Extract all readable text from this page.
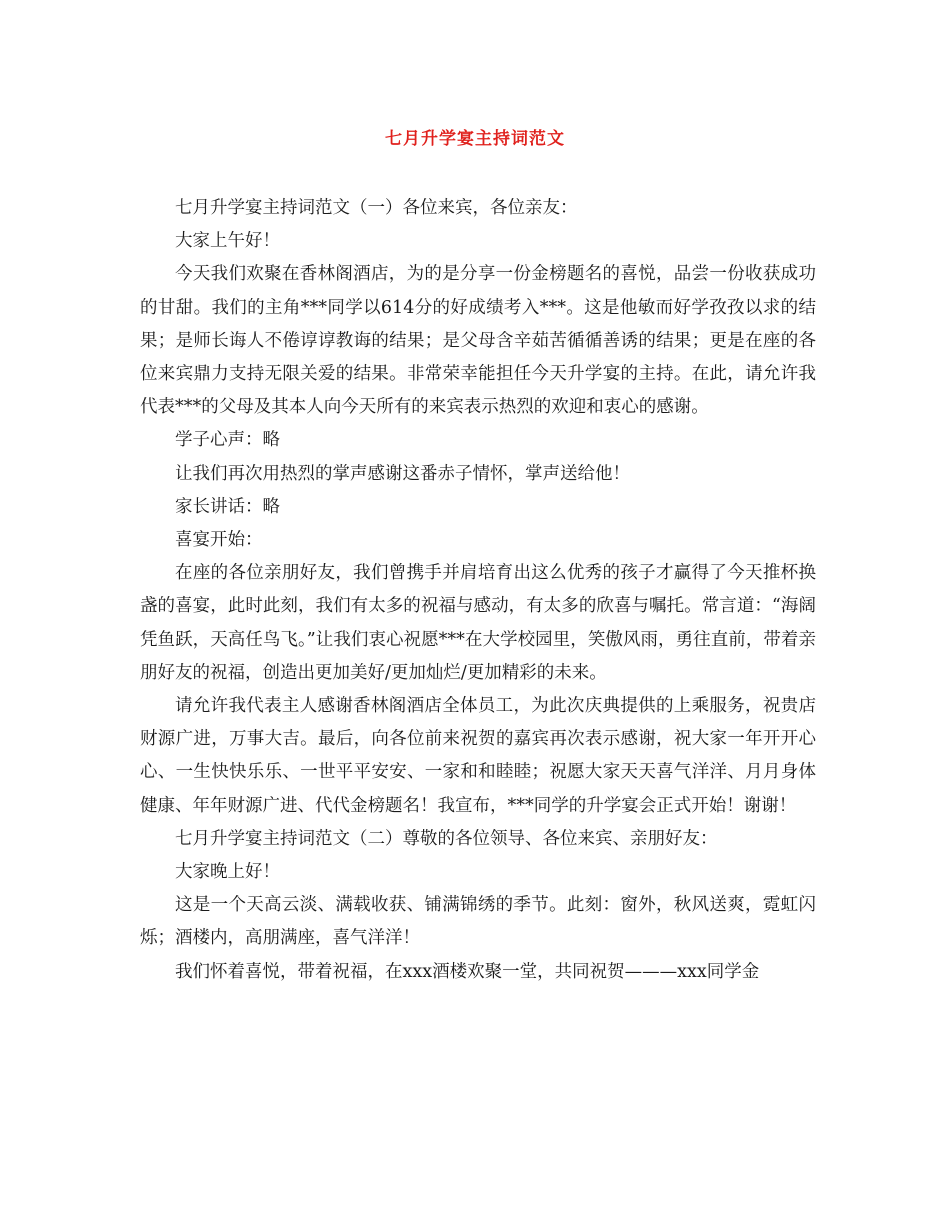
七月升学宴主持词范文

七月升学宴主持词范文（一）各位来宾，各位亲友：

大家上午好！

今天我们欢聚在香林阁酒店，为的是分享一份金榜题名的喜悦，品尝一份收获成功的甘甜。我们的主角***同学以614分的好成绩考入***。这是他敏而好学孜孜以求的结果；是师长诲人不倦谆谆教诲的结果；是父母含辛茹苦循循善诱的结果；更是在座的各位来宾鼎力支持无限关爱的结果。非常荣幸能担任今天升学宴的主持。在此，请允许我代表***的父母及其本人向今天所有的来宾表示热烈的欢迎和衷心的感谢。

学子心声：略

让我们再次用热烈的掌声感谢这番赤子情怀，掌声送给他！

家长讲话：略

喜宴开始：

在座的各位亲朋好友，我们曾携手并肩培育出这么优秀的孩子才赢得了今天推杯换盏的喜宴，此时此刻，我们有太多的祝福与感动，有太多的欣喜与嘱托。常言道：“海阔凭鱼跃，天高任鸟飞。”让我们衷心祝愿***在大学校园里，笑傲风雨，勇往直前，带着亲朋好友的祝福，创造出更加美好/更加灿烂/更加精彩的未来。

请允许我代表主人感谢香林阁酒店全体员工，为此次庆典提供的上乘服务，祝贵店财源广进，万事大吉。最后，向各位前来祝贺的嘉宾再次表示感谢，祝大家一年开开心心、一生快快乐乐、一世平平安安、一家和和睦睦；祝愿大家天天喜气洋洋、月月身体健康、年年财源广进、代代金榜题名！我宣布，***同学的升学宴会正式开始！谢谢！

七月升学宴主持词范文（二）尊敬的各位领导、各位来宾、亲朋好友：

大家晚上好！

这是一个天高云淡、满载收获、铺满锦绣的季节。此刻：窗外，秋风送爽，霓虹闪烁；酒楼内，高朋满座，喜气洋洋！

我们怀着喜悦，带着祝福，在xxx酒楼欢聚一堂，共同祝贺———xxx同学金
